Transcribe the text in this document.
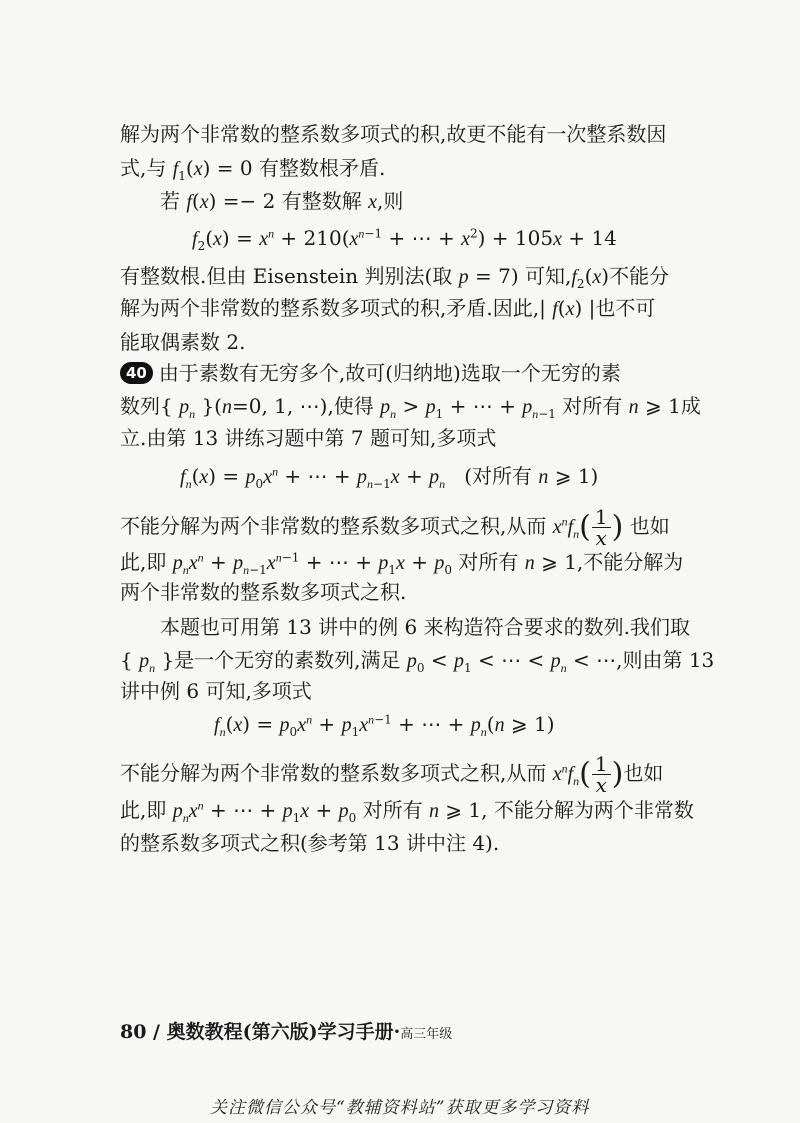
解为两个非常数的整系数多项式的积,故更不能有一次整系数因
式,与 $f_1(x) = 0$ 有整数根矛盾.
若 f(x) =− 2 有整数解 x,则
$f_2(x) = x^n + 210(x^{n-1}$ + ⋯ + $x^2) + 105x + 14$
有整数根.但由 Eisenstein 判别法(取 p = 7) 可知$,f_2(x)$不能分
解为两个非常数的整系数多项式的积,矛盾.因此,| f(x) |也不可
能取偶素数 2.
40 由于素数有无穷多个,故可(归纳地)选取一个无穷的素
数列{ $p_n$ }(n=0, 1, ⋯),使得 $p_n > p_1$ + ⋯ + $p_{n-1}$ 对所有 n ⩾ 1成
立.由第 13 讲练习题中第 7 题可知,多项式
$f_n(x) = p_0x^n$ + ⋯ + $p_{n-1}x + p_n$ (对所有 n ⩾ 1)
不能分解为两个非常数的整系数多项式之积,从而 $x^nf_n( \frac{1}{x}$ ) 也如
此,即 $p_nx^n + p_{n-1}x^{n-1}$ + ⋯ + $p_1x + p_0$ 对所有 n ⩾ 1,不能分解为
两个非常数的整系数多项式之积.
本题也可用第 13 讲中的例 6 来构造符合要求的数列.我们取
{ $p_n$ }是一个无穷的素数列,满足 $p_0 < p_1$ < ⋯ < $p_n$ < ⋯,则由第 13
讲中例 6 可知,多项式
$f_n(x) = p_0x^n + p_1x^{n-1}$ + ⋯ + $p_n(n$ ⩾ 1)
不能分解为两个非常数的整系数多项式之积,从而 $x^nf_n( \frac{1}{x}$ )也如
此,即 $p_nx^n$ + ⋯ + $p_1x + p_0$ 对所有 n ⩾ 1, 不能分解为两个非常数
的整系数多项式之积(参考第 13 讲中注 4).
80 / 奥数教程(第六版)学习手册·高三年级
关注微信公众号“教辅资料站”获取更多学习资料
